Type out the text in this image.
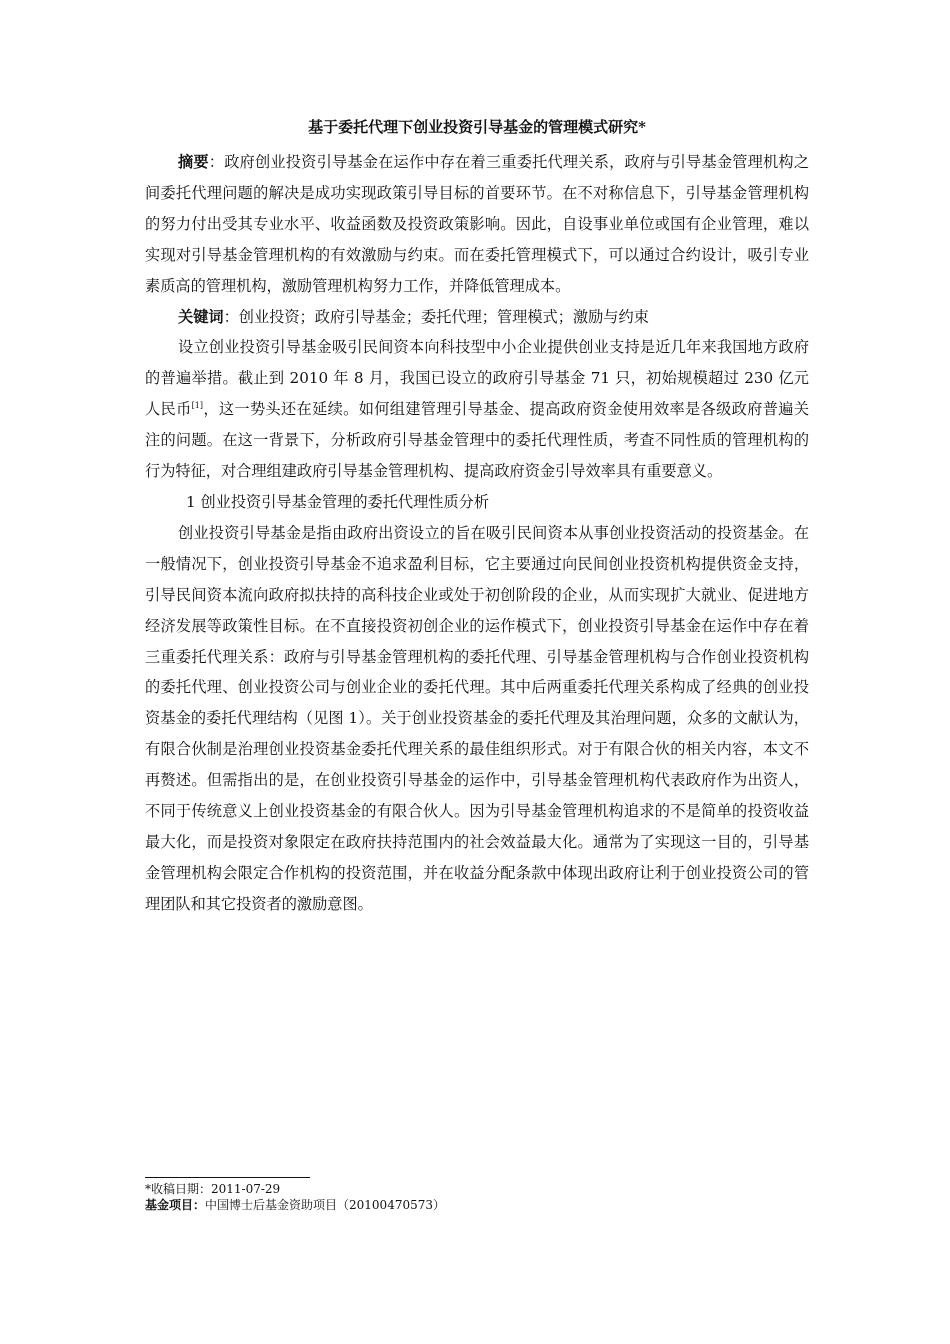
基于委托代理下创业投资引导基金的管理模式研究*

摘要：政府创业投资引导基金在运作中存在着三重委托代理关系，政府与引导基金管理机构之间委托代理问题的解决是成功实现政策引导目标的首要环节。在不对称信息下，引导基金管理机构的努力付出受其专业水平、收益函数及投资政策影响。因此，自设事业单位或国有企业管理，难以实现对引导基金管理机构的有效激励与约束。而在委托管理模式下，可以通过合约设计，吸引专业素质高的管理机构，激励管理机构努力工作，并降低管理成本。

关键词：创业投资；政府引导基金；委托代理；管理模式；激励与约束

设立创业投资引导基金吸引民间资本向科技型中小企业提供创业支持是近几年来我国地方政府的普遍举措。截止到 2010 年 8 月，我国已设立的政府引导基金 71 只，初始规模超过 230 亿元人民币[1]，这一势头还在延续。如何组建管理引导基金、提高政府资金使用效率是各级政府普遍关注的问题。在这一背景下，分析政府引导基金管理中的委托代理性质，考查不同性质的管理机构的行为特征，对合理组建政府引导基金管理机构、提高政府资金引导效率具有重要意义。

1 创业投资引导基金管理的委托代理性质分析

创业投资引导基金是指由政府出资设立的旨在吸引民间资本从事创业投资活动的投资基金。在一般情况下，创业投资引导基金不追求盈利目标，它主要通过向民间创业投资机构提供资金支持，引导民间资本流向政府拟扶持的高科技企业或处于初创阶段的企业，从而实现扩大就业、促进地方经济发展等政策性目标。在不直接投资初创企业的运作模式下，创业投资引导基金在运作中存在着三重委托代理关系：政府与引导基金管理机构的委托代理、引导基金管理机构与合作创业投资机构的委托代理、创业投资公司与创业企业的委托代理。其中后两重委托代理关系构成了经典的创业投资基金的委托代理结构（见图 1）。关于创业投资基金的委托代理及其治理问题，众多的文献认为，有限合伙制是治理创业投资基金委托代理关系的最佳组织形式。对于有限合伙的相关内容，本文不再赘述。但需指出的是，在创业投资引导基金的运作中，引导基金管理机构代表政府作为出资人，不同于传统意义上创业投资基金的有限合伙人。因为引导基金管理机构追求的不是简单的投资收益最大化，而是投资对象限定在政府扶持范围内的社会效益最大化。通常为了实现这一目的，引导基金管理机构会限定合作机构的投资范围，并在收益分配条款中体现出政府让利于创业投资公司的管理团队和其它投资者的激励意图。

*收稿日期：2011-07-29
基金项目：中国博士后基金资助项目（20100470573）
